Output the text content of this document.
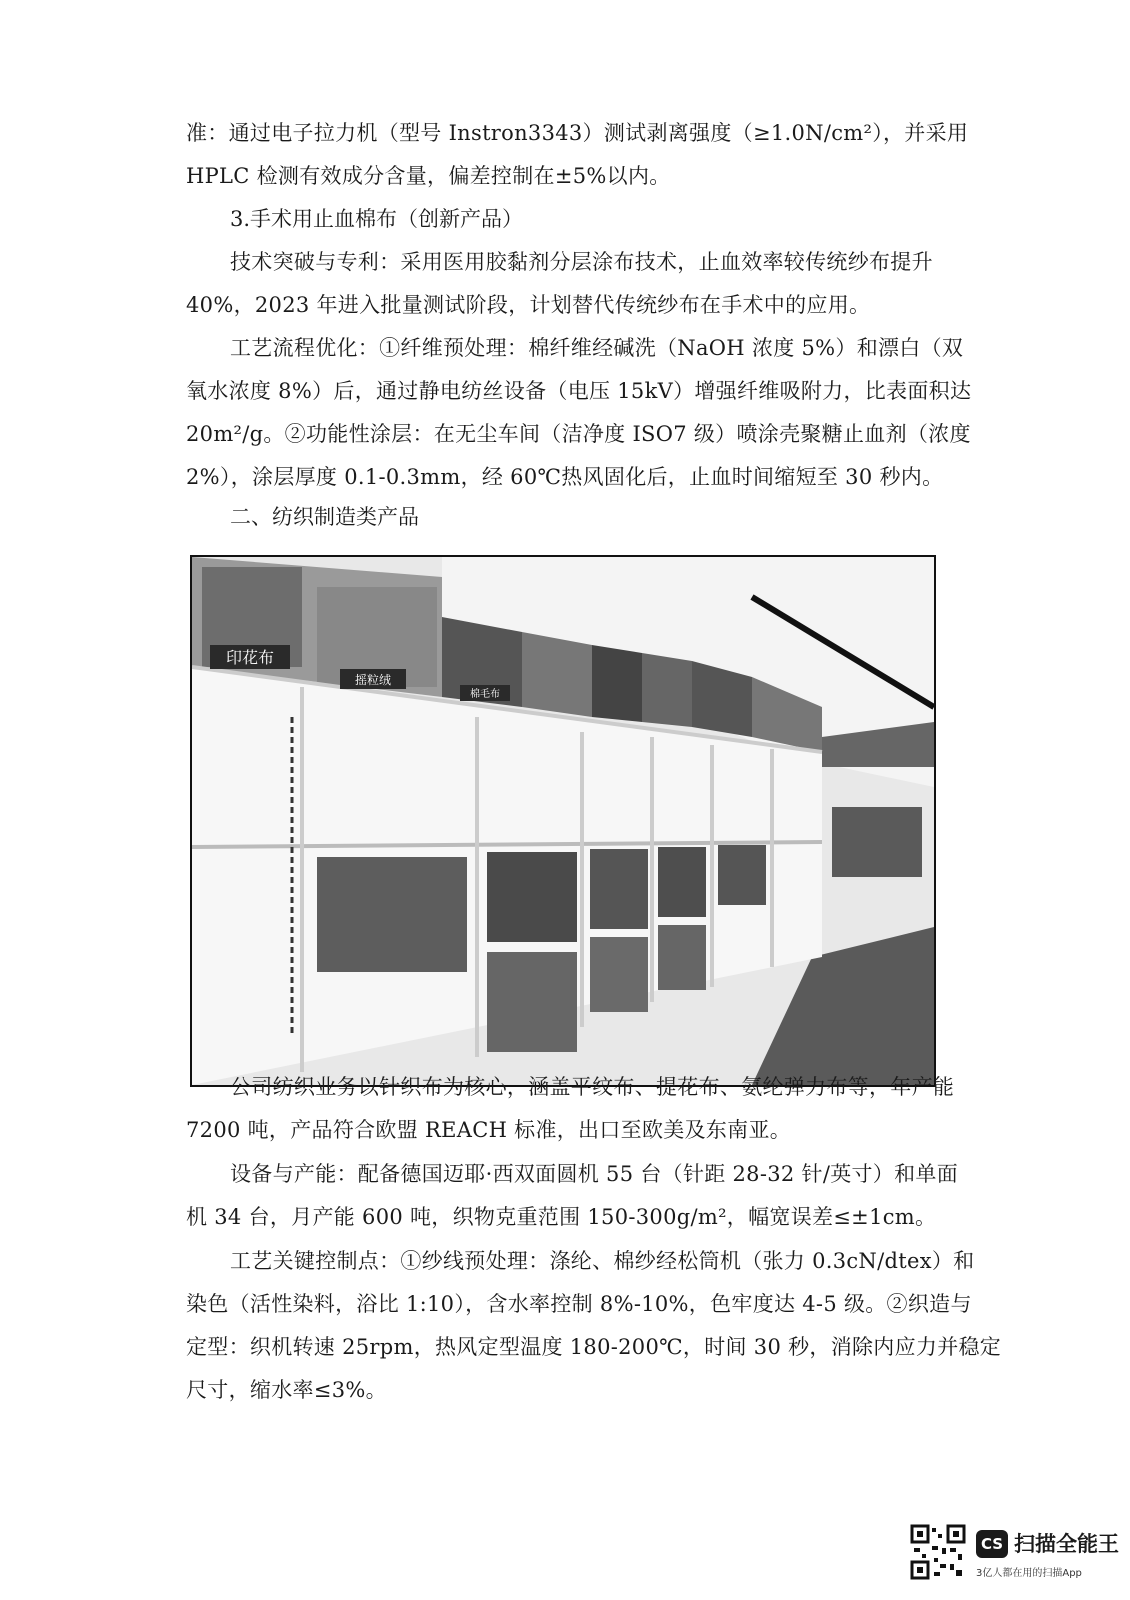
准：通过电子拉力机（型号 Instron3343）测试剥离强度（≥1.0N/cm²），并采用
HPLC 检测有效成分含量，偏差控制在±5%以内。

3.手术用止血棉布（创新产品）

技术突破与专利：采用医用胶黏剂分层涂布技术，止血效率较传统纱布提升
40%，2023 年进入批量测试阶段，计划替代传统纱布在手术中的应用。

工艺流程优化：①纤维预处理：棉纤维经碱洗（NaOH 浓度 5%）和漂白（双
氧水浓度 8%）后，通过静电纺丝设备（电压 15kV）增强纤维吸附力，比表面积达
20m²/g。②功能性涂层：在无尘车间（洁净度 ISO7 级）喷涂壳聚糖止血剂（浓度
2%），涂层厚度 0.1-0.3mm，经 60℃热风固化后，止血时间缩短至 30 秒内。

二、纺织制造类产品

印花布
摇粒绒
棉毛布

公司纺织业务以针织布为核心，涵盖平纹布、提花布、氨纶弹力布等，年产能
7200 吨，产品符合欧盟 REACH 标准，出口至欧美及东南亚。

设备与产能：配备德国迈耶·西双面圆机 55 台（针距 28-32 针/英寸）和单面
机 34 台，月产能 600 吨，织物克重范围 150-300g/m²，幅宽误差≤±1cm。

工艺关键控制点：①纱线预处理：涤纶、棉纱经松筒机（张力 0.3cN/dtex）和
染色（活性染料，浴比 1:10），含水率控制 8%-10%，色牢度达 4-5 级。②织造与
定型：织机转速 25rpm，热风定型温度 180-200℃，时间 30 秒，消除内应力并稳定
尺寸，缩水率≤3%。

CS 扫描全能王
3亿人都在用的扫描App
